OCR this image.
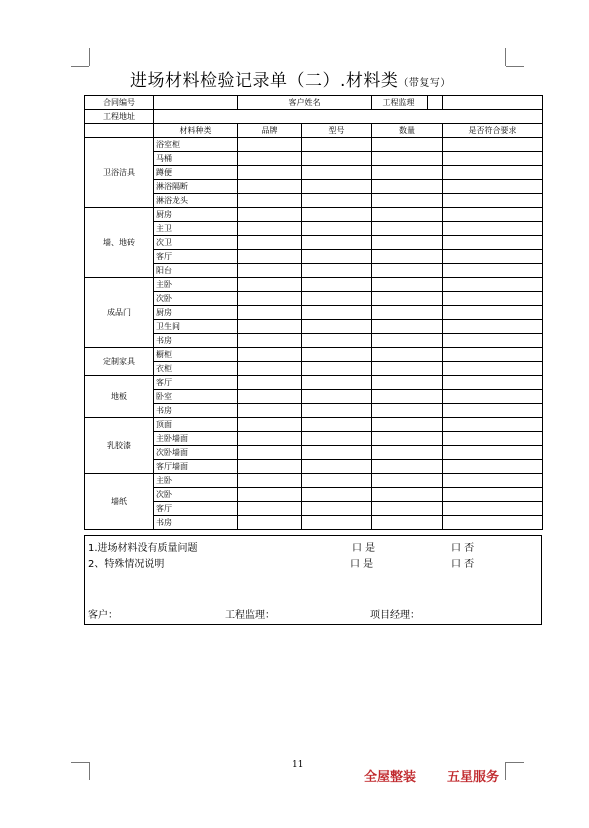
进场材料检验记录单（二）.材料类（带复写）
合同编号		客户姓名			工程监理
工程地址					
	材料种类	品牌	型号	数量	是否符合要求
卫浴洁具	浴室柜				
	马桶				
	蹲便				
	淋浴隔断				
	淋浴龙头				
墙、地砖	厨房				
	主卫				
	次卫				
	客厅				
	阳台				
成品门	主卧				
	次卧				
	厨房				
	卫生间				
	书房				
定制家具	橱柜				
	衣柜				
地板	客厅				
	卧室				
	书房				
乳胶漆	顶面				
	主卧墙面				
	次卧墙面				
	客厅墙面				
墙纸	主卧				
	次卧				
	客厅				
	书房				
1.进场材料没有质量问题	口 是	口 否
2、特殊情况说明	口 是	口 否
客户：	工程监理：	项目经理：
11
全屋整装 五星服务
